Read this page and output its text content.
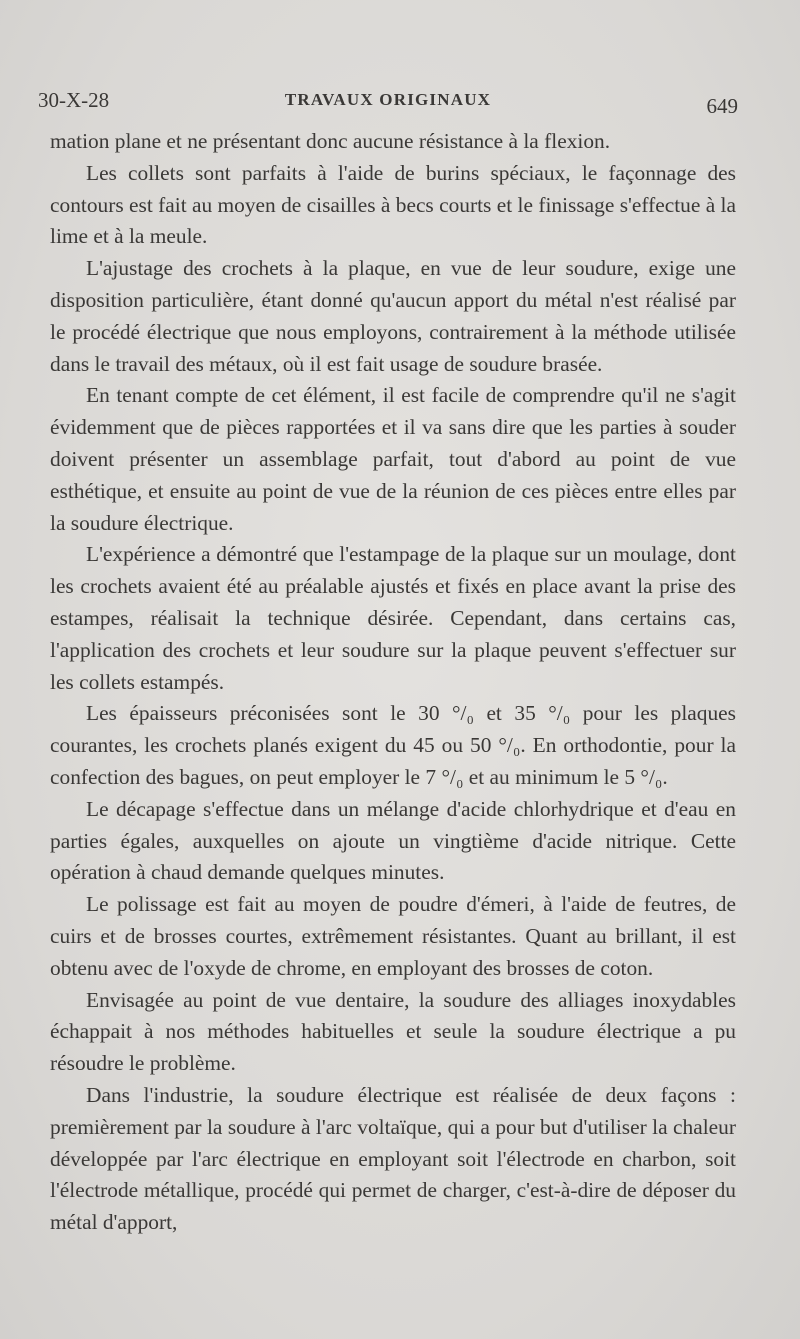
30-X-28	TRAVAUX ORIGINAUX	649

mation plane et ne présentant donc aucune résistance à la flexion.

Les collets sont parfaits à l'aide de burins spéciaux, le façonnage des contours est fait au moyen de cisailles à becs courts et le finissage s'effectue à la lime et à la meule.

L'ajustage des crochets à la plaque, en vue de leur soudure, exige une disposition particulière, étant donné qu'aucun apport du métal n'est réalisé par le procédé électrique que nous employons, contrairement à la méthode utilisée dans le travail des métaux, où il est fait usage de soudure brasée.

En tenant compte de cet élément, il est facile de comprendre qu'il ne s'agit évidemment que de pièces rapportées et il va sans dire que les parties à souder doivent présenter un assemblage parfait, tout d'abord au point de vue esthétique, et ensuite au point de vue de la réunion de ces pièces entre elles par la soudure électrique.

L'expérience a démontré que l'estampage de la plaque sur un moulage, dont les crochets avaient été au préalable ajustés et fixés en place avant la prise des estampes, réalisait la technique désirée. Cependant, dans certains cas, l'application des crochets et leur soudure sur la plaque peuvent s'effectuer sur les collets estampés.

Les épaisseurs préconisées sont le 30 °/₀ et 35 °/₀ pour les plaques courantes, les crochets planés exigent du 45 ou 50 °/₀. En orthodontie, pour la confection des bagues, on peut employer le 7 °/₀ et au minimum le 5 °/₀.

Le décapage s'effectue dans un mélange d'acide chlorhydrique et d'eau en parties égales, auxquelles on ajoute un vingtième d'acide nitrique. Cette opération à chaud demande quelques minutes.

Le polissage est fait au moyen de poudre d'émeri, à l'aide de feutres, de cuirs et de brosses courtes, extrêmement résistantes. Quant au brillant, il est obtenu avec de l'oxyde de chrome, en employant des brosses de coton.

Envisagée au point de vue dentaire, la soudure des alliages inoxydables échappait à nos méthodes habituelles et seule la soudure électrique a pu résoudre le problème.

Dans l'industrie, la soudure électrique est réalisée de deux façons : premièrement par la soudure à l'arc voltaïque, qui a pour but d'utiliser la chaleur développée par l'arc électrique en employant soit l'électrode en charbon, soit l'électrode métallique, procédé qui permet de charger, c'est-à-dire de déposer du métal d'apport,
